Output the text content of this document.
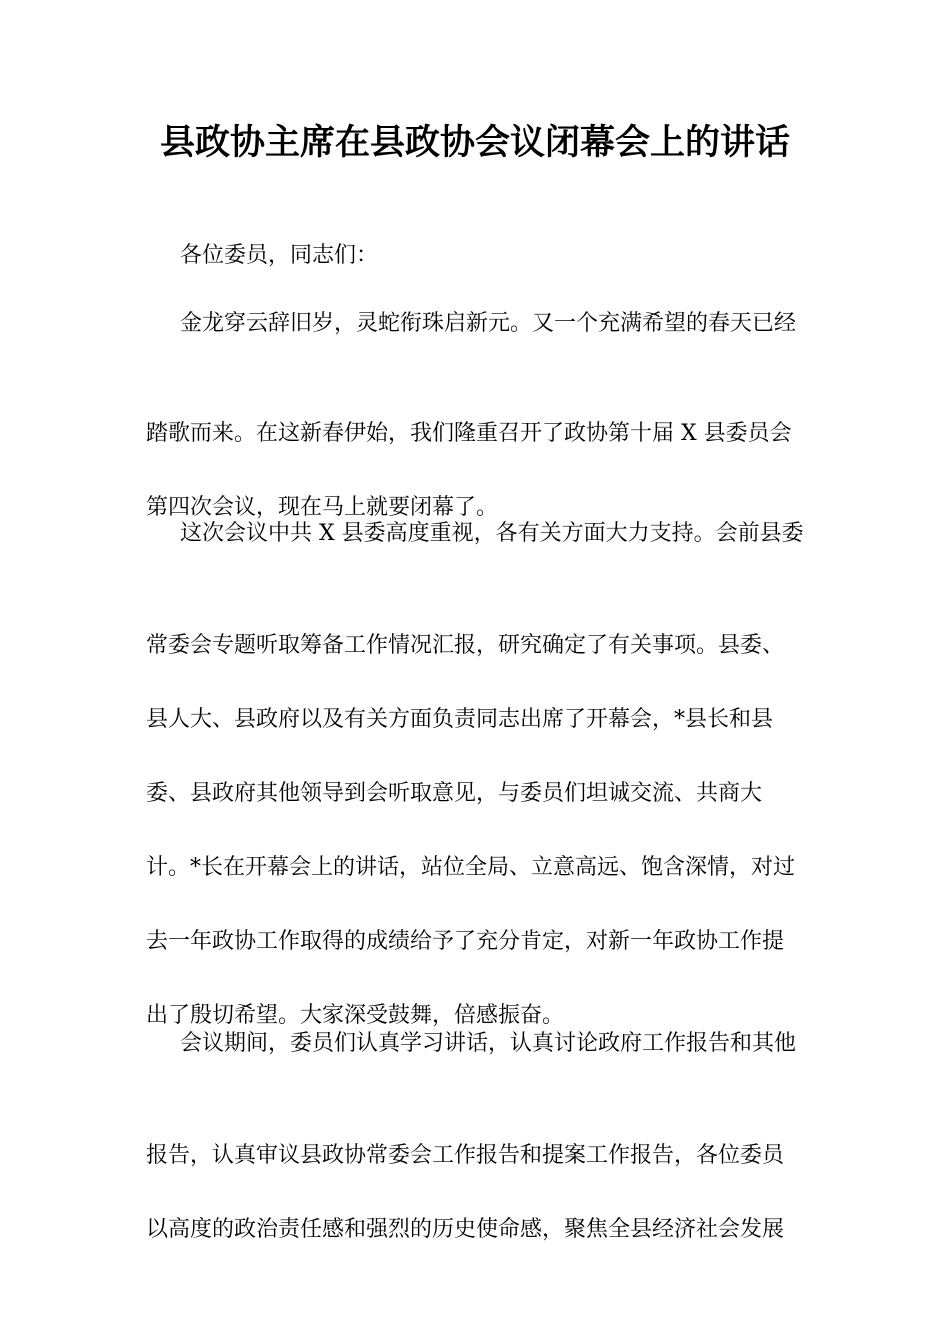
县政协主席在县政协会议闭幕会上的讲话
各位委员，同志们：
金龙穿云辞旧岁，灵蛇衔珠启新元。又一个充满希望的春天已经
踏歌而来。在这新春伊始，我们隆重召开了政协第十届 X 县委员会
第四次会议，现在马上就要闭幕了。
这次会议中共 X 县委高度重视，各有关方面大力支持。会前县委
常委会专题听取筹备工作情况汇报，研究确定了有关事项。县委、
县人大、县政府以及有关方面负责同志出席了开幕会，*县长和县
委、县政府其他领导到会听取意见，与委员们坦诚交流、共商大
计。*长在开幕会上的讲话，站位全局、立意高远、饱含深情，对过
去一年政协工作取得的成绩给予了充分肯定，对新一年政协工作提
出了殷切希望。大家深受鼓舞，倍感振奋。
会议期间，委员们认真学习讲话，认真讨论政府工作报告和其他
报告，认真审议县政协常委会工作报告和提案工作报告，各位委员
以高度的政治责任感和强烈的历史使命感，聚焦全县经济社会发展
